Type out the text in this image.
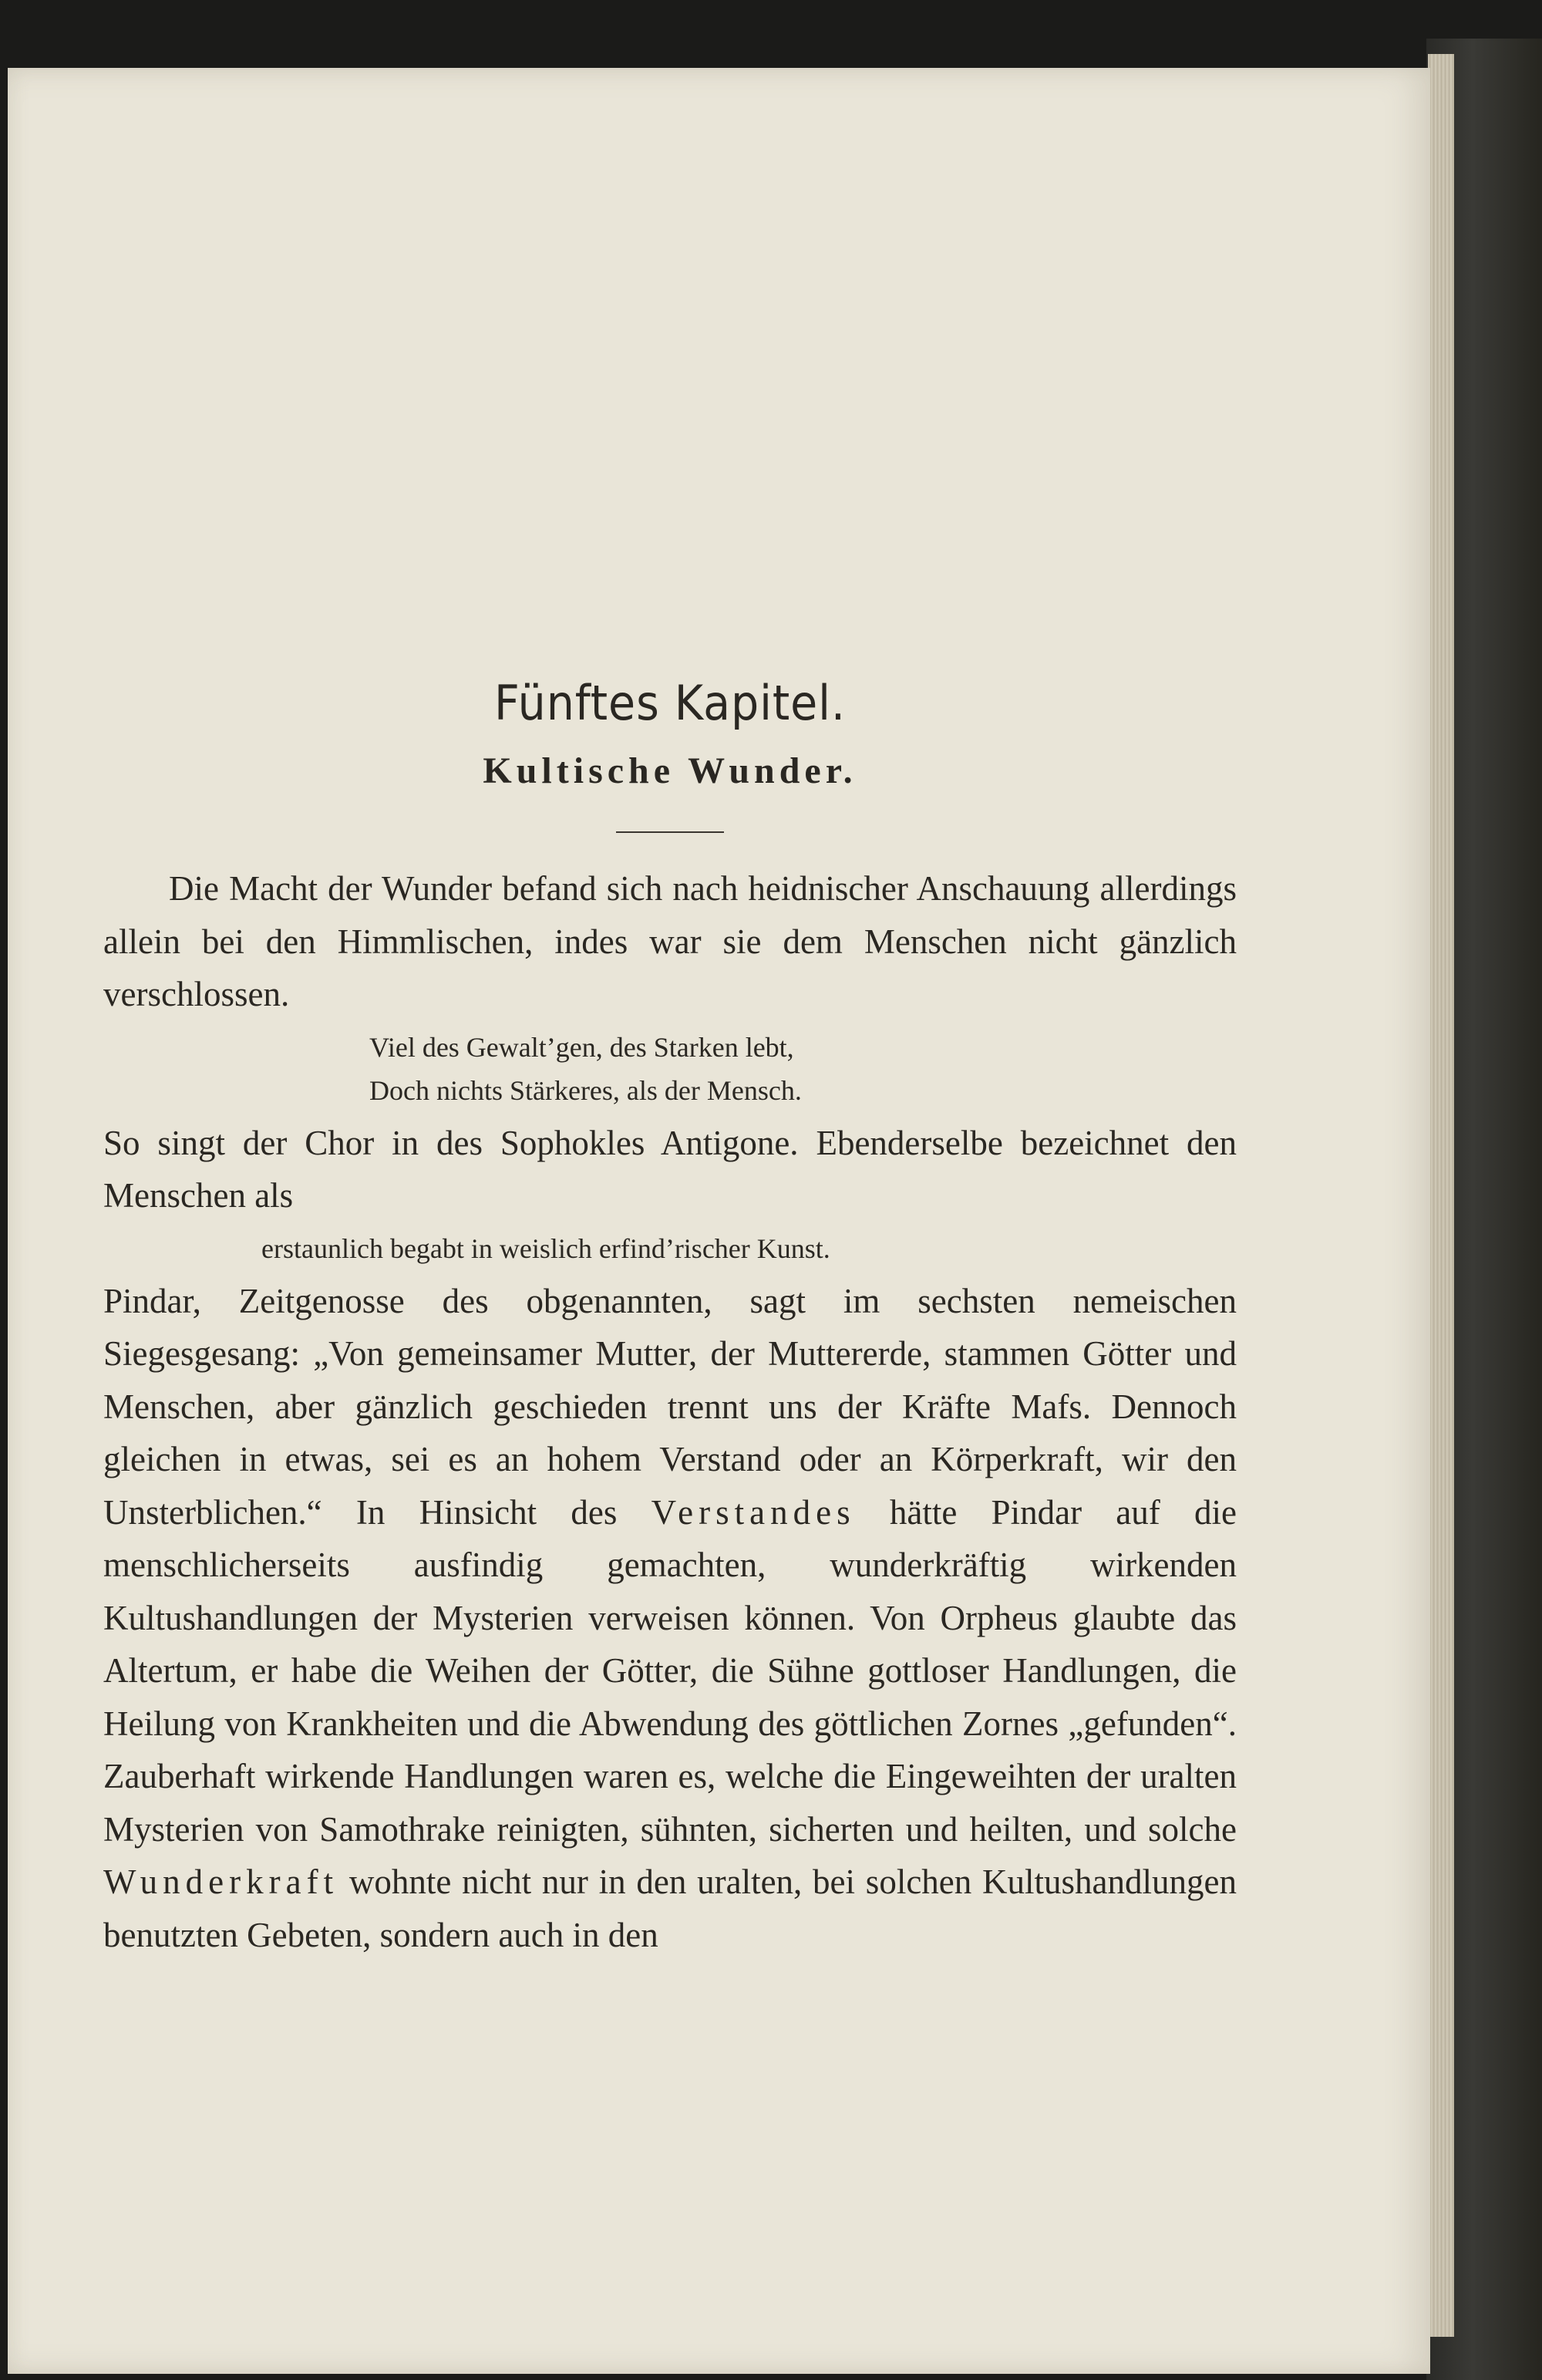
Fünftes Kapitel.
Kultische Wunder.

Die Macht der Wunder befand sich nach heidnischer Anschauung allerdings allein bei den Himmlischen, indes war sie dem Menschen nicht gänzlich verschlossen.

Viel des Gewalt’gen, des Starken lebt,
Doch nichts Stärkeres, als der Mensch.

So singt der Chor in des Sophokles Antigone. Ebenderselbe bezeichnet den Menschen als

erstaunlich begabt in weislich erfind’rischer Kunst.

Pindar, Zeitgenosse des obgenannten, sagt im sechsten nemeischen Siegesgesang: „Von gemeinsamer Mutter, der Muttererde, stammen Götter und Menschen, aber gänzlich geschieden trennt uns der Kräfte Mafs. Dennoch gleichen in etwas, sei es an hohem Verstand oder an Körperkraft, wir den Unsterblichen.“ In Hinsicht des Verstandes hätte Pindar auf die menschlicherseits ausfindig gemachten, wunderkräftig wirkenden Kultushandlungen der Mysterien verweisen können. Von Orpheus glaubte das Altertum, er habe die Weihen der Götter, die Sühne gottloser Handlungen, die Heilung von Krankheiten und die Abwendung des göttlichen Zornes „gefunden“. Zauberhaft wirkende Handlungen waren es, welche die Eingeweihten der uralten Mysterien von Samothrake reinigten, sühnten, sicherten und heilten, und solche Wunderkraft wohnte nicht nur in den uralten, bei solchen Kultushandlungen benutzten Gebeten, sondern auch in den
